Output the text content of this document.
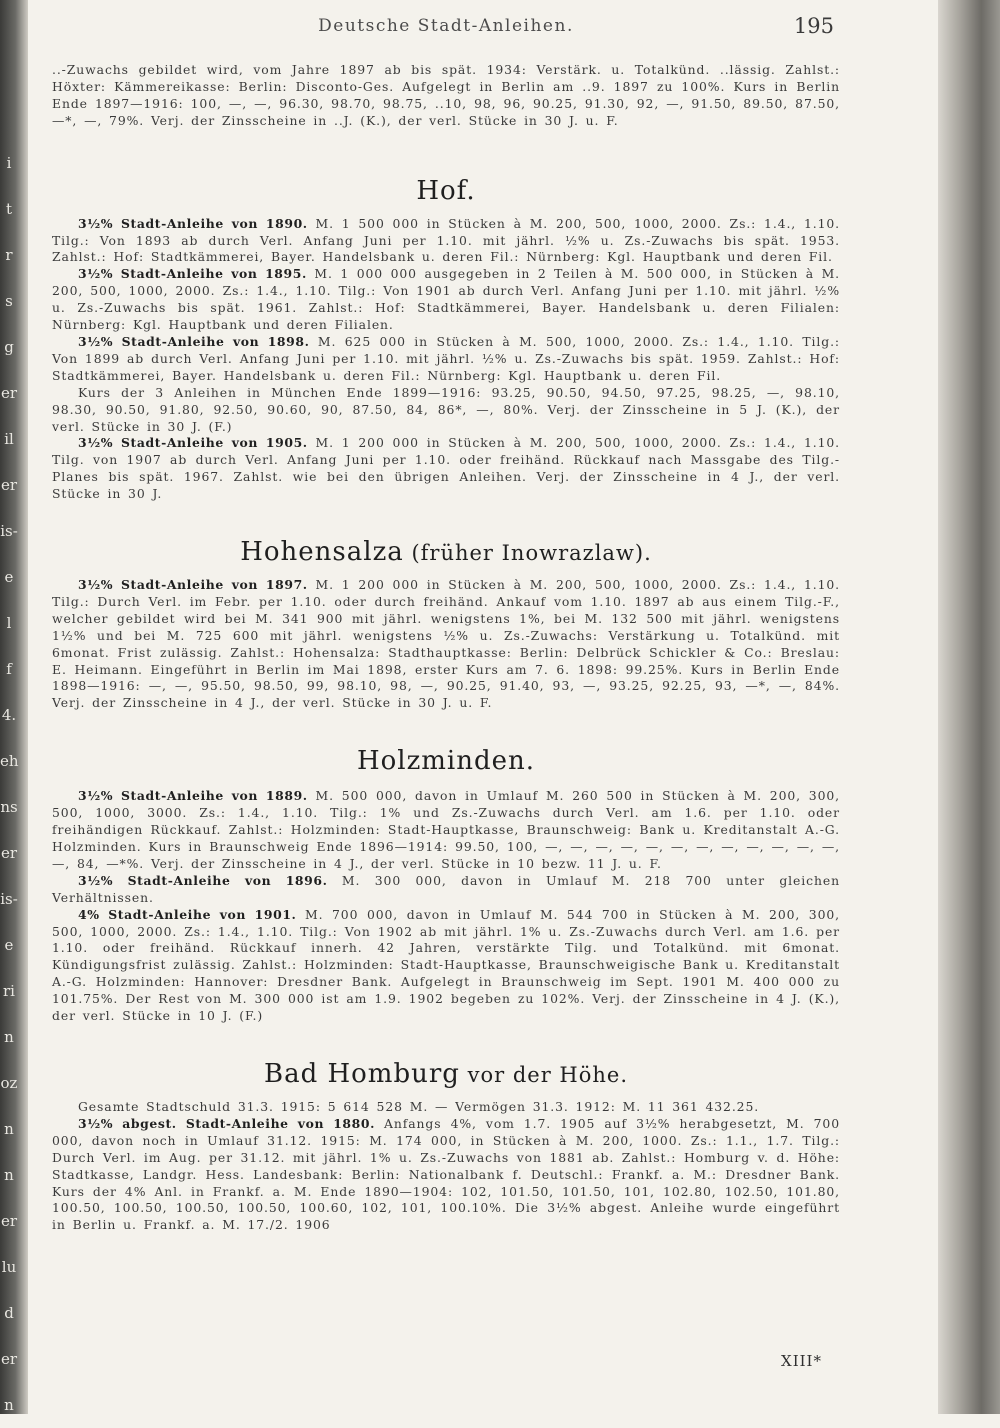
i
t
r
s
g
er
il
er
is-
e
l
f
4.
eh
ns
er
is-
e
ri
n
oz
n
n
er
lu
d
er
n
Deutsche Stadt-Anleihen.	195

..-Zuwachs gebildet wird, vom Jahre 1897 ab bis spät. 1934: Verstärk. u. Totalkünd. ..lässig. Zahlst.: Höxter: Kämmereikasse: Berlin: Disconto-Ges. Aufgelegt in Berlin am ..9. 1897 zu 100%. Kurs in Berlin Ende 1897—1916: 100, —, —, 96.30, 98.70, 98.75, ..10, 98, 96, 90.25, 91.30, 92, —, 91.50, 89.50, 87.50, —*, —, 79%. Verj. der Zinsscheine in ..J. (K.), der verl. Stücke in 30 J. u. F.

Hof.

3½% Stadt-Anleihe von 1890. M. 1 500 000 in Stücken à M. 200, 500, 1000, 2000. Zs.: 1.4., 1.10. Tilg.: Von 1893 ab durch Verl. Anfang Juni per 1.10. mit jährl. ½% u. Zs.-Zuwachs bis spät. 1953. Zahlst.: Hof: Stadtkämmerei, Bayer. Handelsbank u. deren Fil.: Nürnberg: Kgl. Hauptbank und deren Fil.

3½% Stadt-Anleihe von 1895. M. 1 000 000 ausgegeben in 2 Teilen à M. 500 000, in Stücken à M. 200, 500, 1000, 2000. Zs.: 1.4., 1.10. Tilg.: Von 1901 ab durch Verl. Anfang Juni per 1.10. mit jährl. ½% u. Zs.-Zuwachs bis spät. 1961. Zahlst.: Hof: Stadtkämmerei, Bayer. Handelsbank u. deren Filialen: Nürnberg: Kgl. Hauptbank und deren Filialen.

3½% Stadt-Anleihe von 1898. M. 625 000 in Stücken à M. 500, 1000, 2000. Zs.: 1.4., 1.10. Tilg.: Von 1899 ab durch Verl. Anfang Juni per 1.10. mit jährl. ½% u. Zs.-Zuwachs bis spät. 1959. Zahlst.: Hof: Stadtkämmerei, Bayer. Handelsbank u. deren Fil.: Nürnberg: Kgl. Hauptbank u. deren Fil.

Kurs der 3 Anleihen in München Ende 1899—1916: 93.25, 90.50, 94.50, 97.25, 98.25, —, 98.10, 98.30, 90.50, 91.80, 92.50, 90.60, 90, 87.50, 84, 86*, —, 80%. Verj. der Zinsscheine in 5 J. (K.), der verl. Stücke in 30 J. (F.)

3½% Stadt-Anleihe von 1905. M. 1 200 000 in Stücken à M. 200, 500, 1000, 2000. Zs.: 1.4., 1.10. Tilg. von 1907 ab durch Verl. Anfang Juni per 1.10. oder freihänd. Rückkauf nach Massgabe des Tilg.-Planes bis spät. 1967. Zahlst. wie bei den übrigen Anleihen. Verj. der Zinsscheine in 4 J., der verl. Stücke in 30 J.

Hohensalza (früher Inowrazlaw).

3½% Stadt-Anleihe von 1897. M. 1 200 000 in Stücken à M. 200, 500, 1000, 2000. Zs.: 1.4., 1.10. Tilg.: Durch Verl. im Febr. per 1.10. oder durch freihänd. Ankauf vom 1.10. 1897 ab aus einem Tilg.-F., welcher gebildet wird bei M. 341 900 mit jährl. wenigstens 1%, bei M. 132 500 mit jährl. wenigstens 1½% und bei M. 725 600 mit jährl. wenigstens ½% u. Zs.-Zuwachs: Verstärkung u. Totalkünd. mit 6monat. Frist zulässig. Zahlst.: Hohensalza: Stadthauptkasse: Berlin: Delbrück Schickler & Co.: Breslau: E. Heimann. Eingeführt in Berlin im Mai 1898, erster Kurs am 7. 6. 1898: 99.25%. Kurs in Berlin Ende 1898—1916: —, —, 95.50, 98.50, 99, 98.10, 98, —, 90.25, 91.40, 93, —, 93.25, 92.25, 93, —*, —, 84%. Verj. der Zinsscheine in 4 J., der verl. Stücke in 30 J. u. F.

Holzminden.

3½% Stadt-Anleihe von 1889. M. 500 000, davon in Umlauf M. 260 500 in Stücken à M. 200, 300, 500, 1000, 3000. Zs.: 1.4., 1.10. Tilg.: 1% und Zs.-Zuwachs durch Verl. am 1.6. per 1.10. oder freihändigen Rückkauf. Zahlst.: Holzminden: Stadt-Hauptkasse, Braunschweig: Bank u. Kreditanstalt A.-G. Holzminden. Kurs in Braunschweig Ende 1896—1914: 99.50, 100, —, —, —, —, —, —, —, —, —, —, —, —, —, 84, —*%. Verj. der Zinsscheine in 4 J., der verl. Stücke in 10 bezw. 11 J. u. F.

3½% Stadt-Anleihe von 1896. M. 300 000, davon in Umlauf M. 218 700 unter gleichen Verhältnissen.

4% Stadt-Anleihe von 1901. M. 700 000, davon in Umlauf M. 544 700 in Stücken à M. 200, 300, 500, 1000, 2000. Zs.: 1.4., 1.10. Tilg.: Von 1902 ab mit jährl. 1% u. Zs.-Zuwachs durch Verl. am 1.6. per 1.10. oder freihänd. Rückkauf innerh. 42 Jahren, verstärkte Tilg. und Totalkünd. mit 6monat. Kündigungsfrist zulässig. Zahlst.: Holzminden: Stadt-Hauptkasse, Braunschweigische Bank u. Kreditanstalt A.-G. Holzminden: Hannover: Dresdner Bank. Aufgelegt in Braunschweig im Sept. 1901 M. 400 000 zu 101.75%. Der Rest von M. 300 000 ist am 1.9. 1902 begeben zu 102%. Verj. der Zinsscheine in 4 J. (K.), der verl. Stücke in 10 J. (F.)

Bad Homburg vor der Höhe.

Gesamte Stadtschuld 31.3. 1915: 5 614 528 M. — Vermögen 31.3. 1912: M. 11 361 432.25.

3½% abgest. Stadt-Anleihe von 1880. Anfangs 4%, vom 1.7. 1905 auf 3½% herabgesetzt, M. 700 000, davon noch in Umlauf 31.12. 1915: M. 174 000, in Stücken à M. 200, 1000. Zs.: 1.1., 1.7. Tilg.: Durch Verl. im Aug. per 31.12. mit jährl. 1% u. Zs.-Zuwachs von 1881 ab. Zahlst.: Homburg v. d. Höhe: Stadtkasse, Landgr. Hess. Landesbank: Berlin: Nationalbank f. Deutschl.: Frankf. a. M.: Dresdner Bank. Kurs der 4% Anl. in Frankf. a. M. Ende 1890—1904: 102, 101.50, 101.50, 101, 102.80, 102.50, 101.80, 100.50, 100.50, 100.50, 100.50, 100.60, 102, 101, 100.10%. Die 3½% abgest. Anleihe wurde eingeführt in Berlin u. Frankf. a. M. 17./2. 1906

XIII*
